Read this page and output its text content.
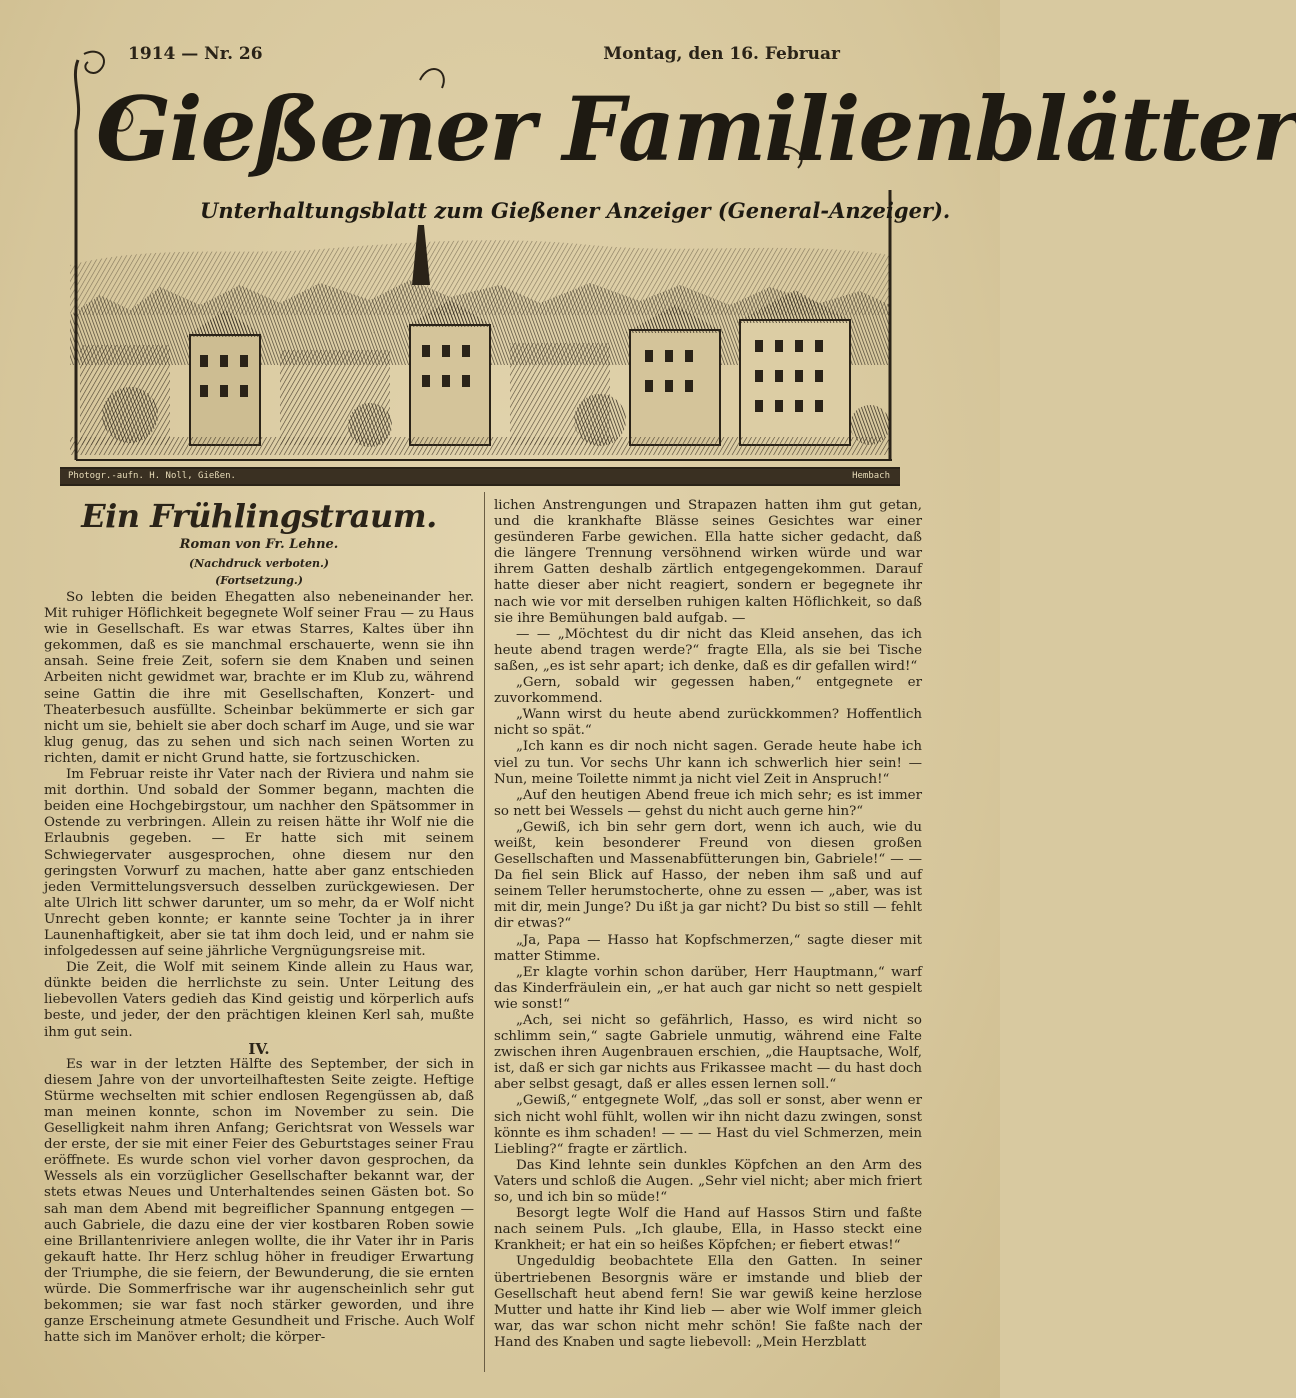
1914 — Nr. 26	Montag, den 16. Februar
Gießener Familienblätter
Unterhaltungsblatt zum Gießener Anzeiger (General-Anzeiger).
Photogr.-aufn. H. Noll, Gießen.	Hembach
Ein Frühlingstraum.
Roman von Fr. Lehne.
(Nachdruck verboten.)
(Fortsetzung.)

So lebten die beiden Ehegatten also nebeneinander her. Mit ruhiger Höflichkeit begegnete Wolf seiner Frau — zu Haus wie in Gesellschaft. Es war etwas Starres, Kaltes über ihn gekommen, daß es sie manchmal erschauerte, wenn sie ihn ansah. Seine freie Zeit, sofern sie dem Knaben und seinen Arbeiten nicht gewidmet war, brachte er im Klub zu, während seine Gattin die ihre mit Gesellschaften, Konzert- und Theaterbesuch ausfüllte. Scheinbar bekümmerte er sich gar nicht um sie, behielt sie aber doch scharf im Auge, und sie war klug genug, das zu sehen und sich nach seinen Worten zu richten, damit er nicht Grund hatte, sie fortzuschicken.

Im Februar reiste ihr Vater nach der Riviera und nahm sie mit dorthin. Und sobald der Sommer begann, machten die beiden eine Hochgebirgstour, um nachher den Spätsommer in Ostende zu verbringen. Allein zu reisen hätte ihr Wolf nie die Erlaubnis gegeben. — Er hatte sich mit seinem Schwiegervater ausgesprochen, ohne diesem nur den geringsten Vorwurf zu machen, hatte aber ganz entschieden jeden Vermittelungsversuch desselben zurückgewiesen. Der alte Ulrich litt schwer darunter, um so mehr, da er Wolf nicht Unrecht geben konnte; er kannte seine Tochter ja in ihrer Launenhaftigkeit, aber sie tat ihm doch leid, und er nahm sie infolgedessen auf seine jährliche Vergnügungsreise mit.

Die Zeit, die Wolf mit seinem Kinde allein zu Haus war, dünkte beiden die herrlichste zu sein. Unter Leitung des liebevollen Vaters gedieh das Kind geistig und körperlich aufs beste, und jeder, der den prächtigen kleinen Kerl sah, mußte ihm gut sein.

IV.

Es war in der letzten Hälfte des September, der sich in diesem Jahre von der unvorteilhaftesten Seite zeigte. Heftige Stürme wechselten mit schier endlosen Regengüssen ab, daß man meinen konnte, schon im November zu sein. Die Geselligkeit nahm ihren Anfang; Gerichtsrat von Wessels war der erste, der sie mit einer Feier des Geburtstages seiner Frau eröffnete. Es wurde schon viel vorher davon gesprochen, da Wessels als ein vorzüglicher Gesellschafter bekannt war, der stets etwas Neues und Unterhaltendes seinen Gästen bot. So sah man dem Abend mit begreiflicher Spannung entgegen — auch Gabriele, die dazu eine der vier kostbaren Roben sowie eine Brillantenriviere anlegen wollte, die ihr Vater ihr in Paris gekauft hatte. Ihr Herz schlug höher in freudiger Erwartung der Triumphe, die sie feiern, der Bewunderung, die sie ernten würde. Die Sommerfrische war ihr augenscheinlich sehr gut bekommen; sie war fast noch stärker geworden, und ihre ganze Erscheinung atmete Gesundheit und Frische. Auch Wolf hatte sich im Manöver erholt; die körper-

lichen Anstrengungen und Strapazen hatten ihm gut getan, und die krankhafte Blässe seines Gesichtes war einer gesünderen Farbe gewichen. Ella hatte sicher gedacht, daß die längere Trennung versöhnend wirken würde und war ihrem Gatten deshalb zärtlich entgegengekommen. Darauf hatte dieser aber nicht reagiert, sondern er begegnete ihr nach wie vor mit derselben ruhigen kalten Höflichkeit, so daß sie ihre Bemühungen bald aufgab. —

— — „Möchtest du dir nicht das Kleid ansehen, das ich heute abend tragen werde?“ fragte Ella, als sie bei Tische saßen, „es ist sehr apart; ich denke, daß es dir gefallen wird!“

„Gern, sobald wir gegessen haben,“ entgegnete er zuvorkommend.

„Wann wirst du heute abend zurückkommen? Hoffentlich nicht so spät.“

„Ich kann es dir noch nicht sagen. Gerade heute habe ich viel zu tun. Vor sechs Uhr kann ich schwerlich hier sein! — Nun, meine Toilette nimmt ja nicht viel Zeit in Anspruch!“

„Auf den heutigen Abend freue ich mich sehr; es ist immer so nett bei Wessels — gehst du nicht auch gerne hin?“

„Gewiß, ich bin sehr gern dort, wenn ich auch, wie du weißt, kein besonderer Freund von diesen großen Gesellschaften und Massenabfütterungen bin, Gabriele!“ — — Da fiel sein Blick auf Hasso, der neben ihm saß und auf seinem Teller herumstocherte, ohne zu essen — „aber, was ist mit dir, mein Junge? Du ißt ja gar nicht? Du bist so still — fehlt dir etwas?“

„Ja, Papa — Hasso hat Kopfschmerzen,“ sagte dieser mit matter Stimme.

„Er klagte vorhin schon darüber, Herr Hauptmann,“ warf das Kinderfräulein ein, „er hat auch gar nicht so nett gespielt wie sonst!“

„Ach, sei nicht so gefährlich, Hasso, es wird nicht so schlimm sein,“ sagte Gabriele unmutig, während eine Falte zwischen ihren Augenbrauen erschien, „die Hauptsache, Wolf, ist, daß er sich gar nichts aus Frikassee macht — du hast doch aber selbst gesagt, daß er alles essen lernen soll.“

„Gewiß,“ entgegnete Wolf, „das soll er sonst, aber wenn er sich nicht wohl fühlt, wollen wir ihn nicht dazu zwingen, sonst könnte es ihm schaden! — — — Hast du viel Schmerzen, mein Liebling?“ fragte er zärtlich.

Das Kind lehnte sein dunkles Köpfchen an den Arm des Vaters und schloß die Augen. „Sehr viel nicht; aber mich friert so, und ich bin so müde!“

Besorgt legte Wolf die Hand auf Hassos Stirn und faßte nach seinem Puls. „Ich glaube, Ella, in Hasso steckt eine Krankheit; er hat ein so heißes Köpfchen; er fiebert etwas!“

Ungeduldig beobachtete Ella den Gatten. In seiner übertriebenen Besorgnis wäre er imstande und blieb der Gesellschaft heut abend fern! Sie war gewiß keine herzlose Mutter und hatte ihr Kind lieb — aber wie Wolf immer gleich war, das war schon nicht mehr schön! Sie faßte nach der Hand des Knaben und sagte liebevoll: „Mein Herzblatt
